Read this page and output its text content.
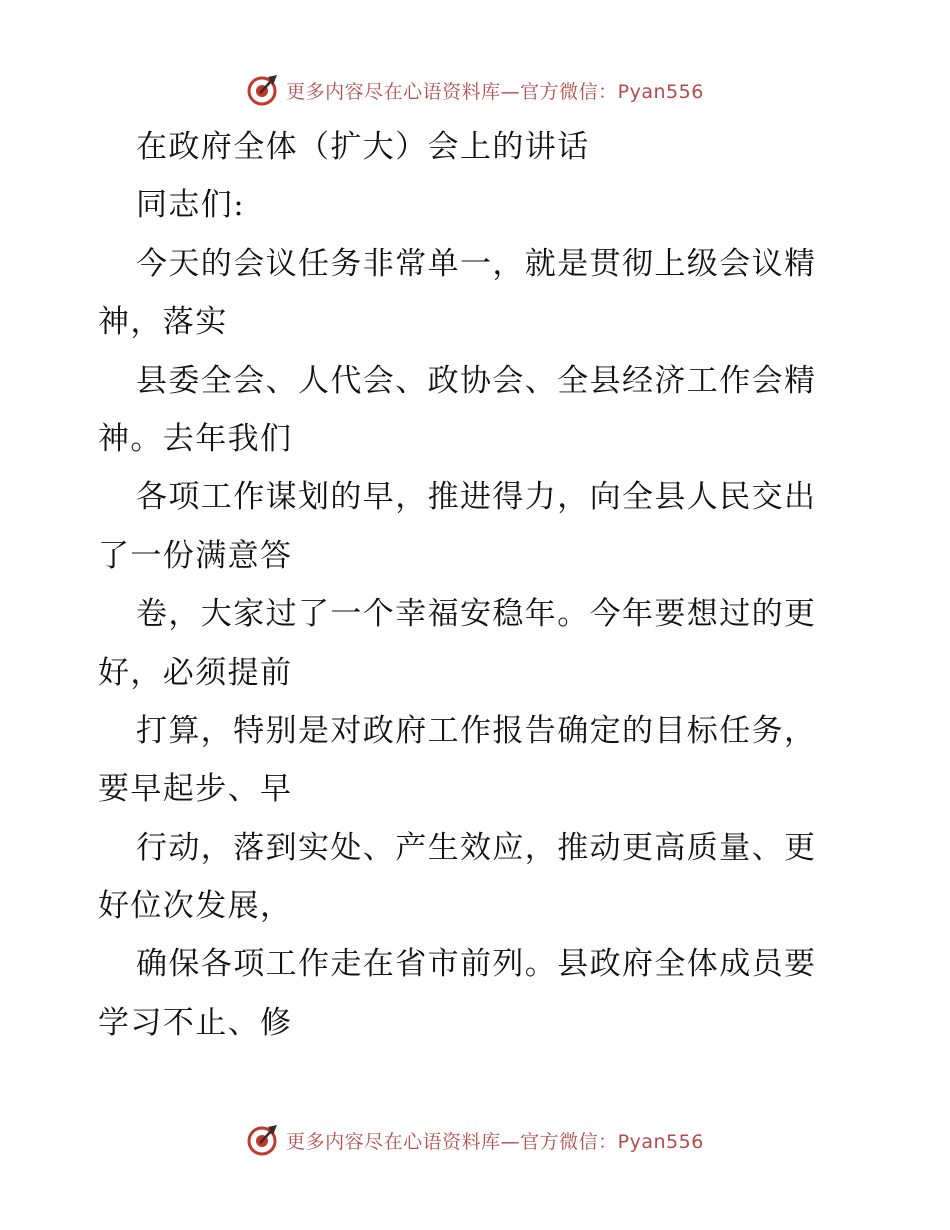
更多内容尽在心语资料库—官方微信：Pyan556
在政府全体（扩大）会上的讲话
同志们:
今天的会议任务非常单一，就是贯彻上级会议精
神，落实
县委全会、人代会、政协会、全县经济工作会精
神。去年我们
各项工作谋划的早，推进得力，向全县人民交出
了一份满意答
卷，大家过了一个幸福安稳年。今年要想过的更
好，必须提前
打算，特别是对政府工作报告确定的目标任务，
要早起步、早
行动，落到实处、产生效应，推动更高质量、更
好位次发展，
确保各项工作走在省市前列。县政府全体成员要
学习不止、修
更多内容尽在心语资料库—官方微信：Pyan556
